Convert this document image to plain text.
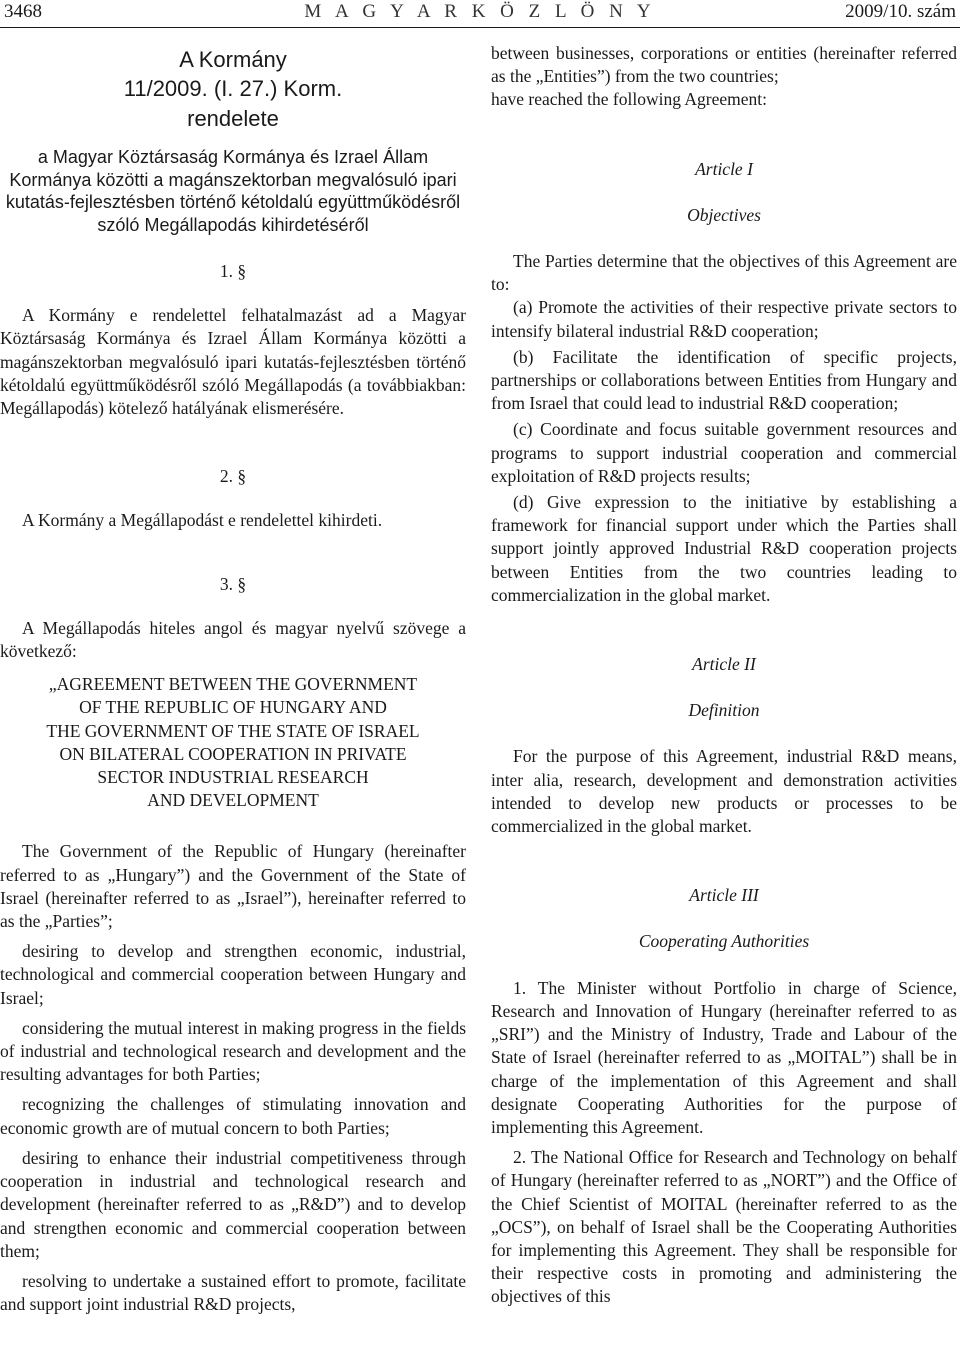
3468	M A G Y A R K Ö Z L Ö N Y	2009/10. szám

A Kormány

11/2009. (I. 27.) Korm.

rendelete

a Magyar Köztársaság Kormánya és Izrael Állam Kormánya közötti a magánszektorban megvalósuló ipari kutatás-fejlesztésben történő kétoldalú együttműködésről szóló Megállapodás kihirdetéséről

1. §

A Kormány e rendelettel felhatalmazást ad a Magyar Köztársaság Kormánya és Izrael Állam Kormánya közötti a magánszektorban megvalósuló ipari kutatás-fejlesztésben történő kétoldalú együttműködésről szóló Megállapodás (a továbbiakban: Megállapodás) kötelező hatályának elismerésére.

2. §

A Kormány a Megállapodást e rendelettel kihirdeti.

3. §

A Megállapodás hiteles angol és magyar nyelvű szövege a következő:

„AGREEMENT BETWEEN THE GOVERNMENT
OF THE REPUBLIC OF HUNGARY AND
THE GOVERNMENT OF THE STATE OF ISRAEL
ON BILATERAL COOPERATION IN PRIVATE
SECTOR INDUSTRIAL RESEARCH
AND DEVELOPMENT

The Government of the Republic of Hungary (hereinafter referred to as „Hungary”) and the Government of the State of Israel (hereinafter referred to as „Israel”), hereinafter referred to as the „Parties”;

desiring to develop and strengthen economic, industrial, technological and commercial cooperation between Hungary and Israel;

considering the mutual interest in making progress in the fields of industrial and technological research and development and the resulting advantages for both Parties;

recognizing the challenges of stimulating innovation and economic growth are of mutual concern to both Parties;

desiring to enhance their industrial competitiveness through cooperation in industrial and technological research and development (hereinafter referred to as „R&D”) and to develop and strengthen economic and commercial cooperation between them;

resolving to undertake a sustained effort to promote, facilitate and support joint industrial R&D projects,

between businesses, corporations or entities (hereinafter referred as the „Entities”) from the two countries;

have reached the following Agreement:

Article I

Objectives

The Parties determine that the objectives of this Agreement are to:

(a) Promote the activities of their respective private sectors to intensify bilateral industrial R&D cooperation;

(b) Facilitate the identification of specific projects, partnerships or collaborations between Entities from Hungary and from Israel that could lead to industrial R&D cooperation;

(c) Coordinate and focus suitable government resources and programs to support industrial cooperation and commercial exploitation of R&D projects results;

(d) Give expression to the initiative by establishing a framework for financial support under which the Parties shall support jointly approved Industrial R&D cooperation projects between Entities from the two countries leading to commercialization in the global market.

Article II

Definition

For the purpose of this Agreement, industrial R&D means, inter alia, research, development and demonstration activities intended to develop new products or processes to be commercialized in the global market.

Article III

Cooperating Authorities

1. The Minister without Portfolio in charge of Science, Research and Innovation of Hungary (hereinafter referred to as „SRI”) and the Ministry of Industry, Trade and Labour of the State of Israel (hereinafter referred to as „MOITAL”) shall be in charge of the implementation of this Agreement and shall designate Cooperating Authorities for the purpose of implementing this Agreement.

2. The National Office for Research and Technology on behalf of Hungary (hereinafter referred to as „NORT”) and the Office of the Chief Scientist of MOITAL (hereinafter referred to as the „OCS”), on behalf of Israel shall be the Cooperating Authorities for implementing this Agreement. They shall be responsible for their respective costs in promoting and administering the objectives of this
